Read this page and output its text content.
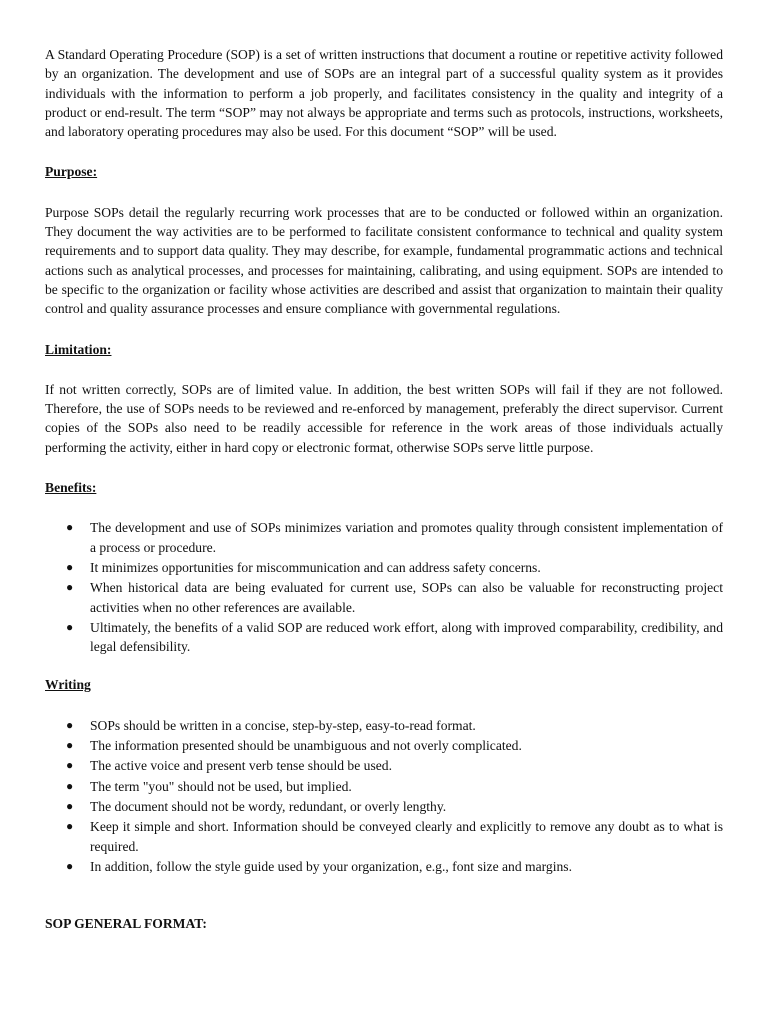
A Standard Operating Procedure (SOP) is a set of written instructions that document a routine or repetitive activity followed by an organization. The development and use of SOPs are an integral part of a successful quality system as it provides individuals with the information to perform a job properly, and facilitates consistency in the quality and integrity of a product or end-result. The term “SOP” may not always be appropriate and terms such as protocols, instructions, worksheets, and laboratory operating procedures may also be used. For this document “SOP” will be used.

Purpose:

Purpose SOPs detail the regularly recurring work processes that are to be conducted or followed within an organization. They document the way activities are to be performed to facilitate consistent conformance to technical and quality system requirements and to support data quality. They may describe, for example, fundamental programmatic actions and technical actions such as analytical processes, and processes for maintaining, calibrating, and using equipment. SOPs are intended to be specific to the organization or facility whose activities are described and assist that organization to maintain their quality control and quality assurance processes and ensure compliance with governmental regulations.

Limitation:

If not written correctly, SOPs are of limited value. In addition, the best written SOPs will fail if they are not followed. Therefore, the use of SOPs needs to be reviewed and re-enforced by management, preferably the direct supervisor. Current copies of the SOPs also need to be readily accessible for reference in the work areas of those individuals actually performing the activity, either in hard copy or electronic format, otherwise SOPs serve little purpose.

Benefits:

● The development and use of SOPs minimizes variation and promotes quality through consistent implementation of a process or procedure.
● It minimizes opportunities for miscommunication and can address safety concerns.
● When historical data are being evaluated for current use, SOPs can also be valuable for reconstructing project activities when no other references are available.
● Ultimately, the benefits of a valid SOP are reduced work effort, along with improved comparability, credibility, and legal defensibility.

Writing

● SOPs should be written in a concise, step-by-step, easy-to-read format.
● The information presented should be unambiguous and not overly complicated.
● The active voice and present verb tense should be used.
● The term "you" should not be used, but implied.
● The document should not be wordy, redundant, or overly lengthy.
● Keep it simple and short. Information should be conveyed clearly and explicitly to remove any doubt as to what is required.
● In addition, follow the style guide used by your organization, e.g., font size and margins.

SOP GENERAL FORMAT:
